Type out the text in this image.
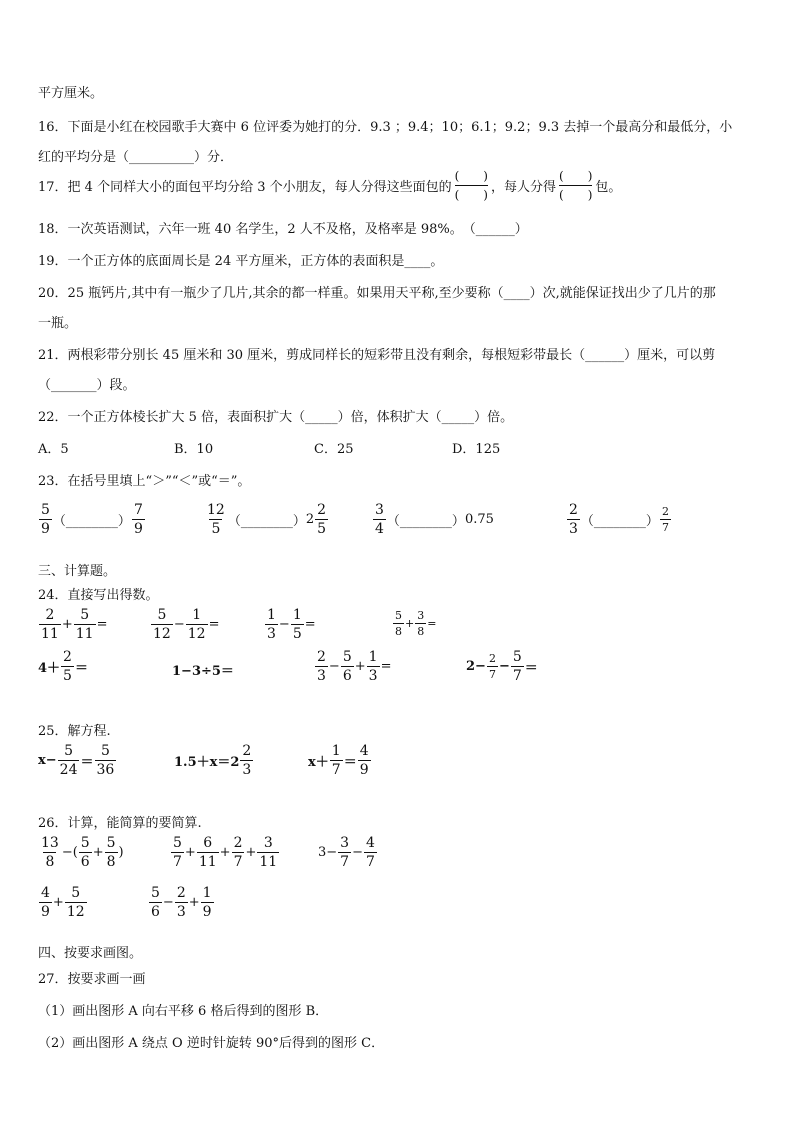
平方厘米。
16．下面是小红在校园歌手大赛中 6 位评委为她打的分．9.3 ；9.4；10；6.1；9.2；9.3 去掉一个最高分和最低分，小
红的平均分是（__________）分．
17．把 4 个同样大小的面包平均分给 3 个小朋友，每人分得这些面包的
(　　)
(　　) ，每人分得
(　　)
(　　) 包。
18．一次英语测试，六年一班 40 名学生，2 人不及格，及格率是 98%。　（______）
19．一个正方体的底面周长是 24 平方厘米，正方体的表面积是____。
20．25 瓶钙片,其中有一瓶少了几片,其余的都一样重。如果用天平称,至少要称（____）次,就能保证找出少了几片的那
一瓶。
21．两根彩带分别长 45 厘米和 30 厘米，剪成同样长的短彩带且没有剩余，每根短彩带最长（______）厘米，可以剪
（_______）段。
22．一个正方体棱长扩大 5 倍，表面积扩大（_____）倍，体积扩大（_____）倍。
A．5	B．10	C．25	D．125
23．在括号里填上“＞”“＜”或“＝”。
$\frac{5}{9}$ （________） $\frac{7}{9}$	$\frac{12}{5}$ （________） $2 \frac{2}{5}$	$\frac{3}{4}$ （________） 0.75	$\frac{2}{3}$ （________） $\frac{2}{7}$
三、计算题。
24．直接写出得数。
$\frac{2}{11} + \frac{5}{11}$ =	$\frac{5}{12} - \frac{1}{12}$ =	$\frac{1}{3} - \frac{1}{5}$ =	$\frac{5}{8} + \frac{3}{8}$ =
$4+ \frac{2}{5}$ ＝	1−3÷5＝	$\frac{2}{3} - \frac{5}{6} + \frac{1}{3}$ =	$2- \frac{2}{7} - \frac{5}{7}$ ＝
25．解方程.
$x- \frac{5}{24} = \frac{5}{36}$	$1.5+x=2 \frac{2}{3}$	$x+ \frac{1}{7} = \frac{4}{9}$
26．计算，能简算的要简算.
$\frac{13}{8}$ −( $\frac{5}{6} + \frac{5}{8}$ )	$\frac{5}{7} + \frac{6}{11} + \frac{2}{7} + \frac{3}{11}$	$3- \frac{3}{7} - \frac{4}{7}$
$\frac{4}{9} + \frac{5}{12}$	$\frac{5}{6} - \frac{2}{3} + \frac{1}{9}$
四、按要求画图。
27．按要求画一画
（1）画出图形 A 向右平移 6 格后得到的图形 B．
（2）画出图形 A 绕点 O 逆时针旋转 90°后得到的图形 C．
